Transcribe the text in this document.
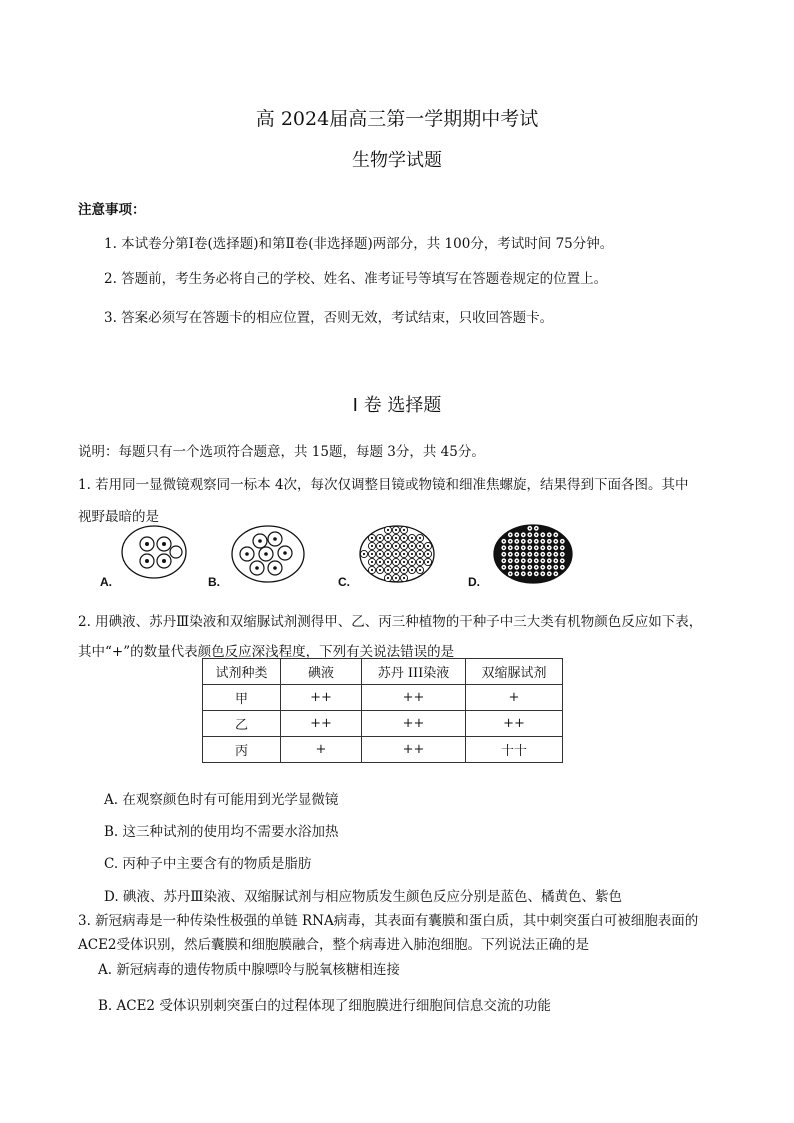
高 2024届高三第一学期期中考试
生物学试题
注意事项：
1. 本试卷分第Ⅰ卷(选择题)和第Ⅱ卷(非选择题)两部分，共 100分，考试时间 75分钟。
2. 答题前，考生务必将自己的学校、姓名、准考证号等填写在答题卷规定的位置上。
3. 答案必须写在答题卡的相应位置，否则无效，考试结束，只收回答题卡。
Ⅰ 卷 选择题
说明：每题只有一个选项符合题意，共 15题，每题 3分，共 45分。
1. 若用同一显微镜观察同一标本 4次，每次仅调整目镜或物镜和细准焦螺旋，结果得到下面各图。其中
视野最暗的是
A.	B.	C.	D.
2. 用碘液、苏丹Ⅲ染液和双缩脲试剂测得甲、乙、丙三种植物的干种子中三大类有机物颜色反应如下表，
其中“+”的数量代表颜色反应深浅程度，下列有关说法错误的是
试剂种类	碘液	苏丹 III染液	双缩脲试剂
甲	++	++	+
乙	++	++	++
丙	+	++	十十
A. 在观察颜色时有可能用到光学显微镜
B. 这三种试剂的使用均不需要水浴加热
C. 丙种子中主要含有的物质是脂肪
D. 碘液、苏丹Ⅲ染液、双缩脲试剂与相应物质发生颜色反应分别是蓝色、橘黄色、紫色
3. 新冠病毒是一种传染性极强的单链 RNA病毒，其表面有囊膜和蛋白质，其中刺突蛋白可被细胞表面的
ACE2受体识别，然后囊膜和细胞膜融合，整个病毒进入肺泡细胞。下列说法正确的是
A. 新冠病毒的遗传物质中腺嘌呤与脱氧核糖相连接
B. ACE2 受体识别刺突蛋白的过程体现了细胞膜进行细胞间信息交流的功能
